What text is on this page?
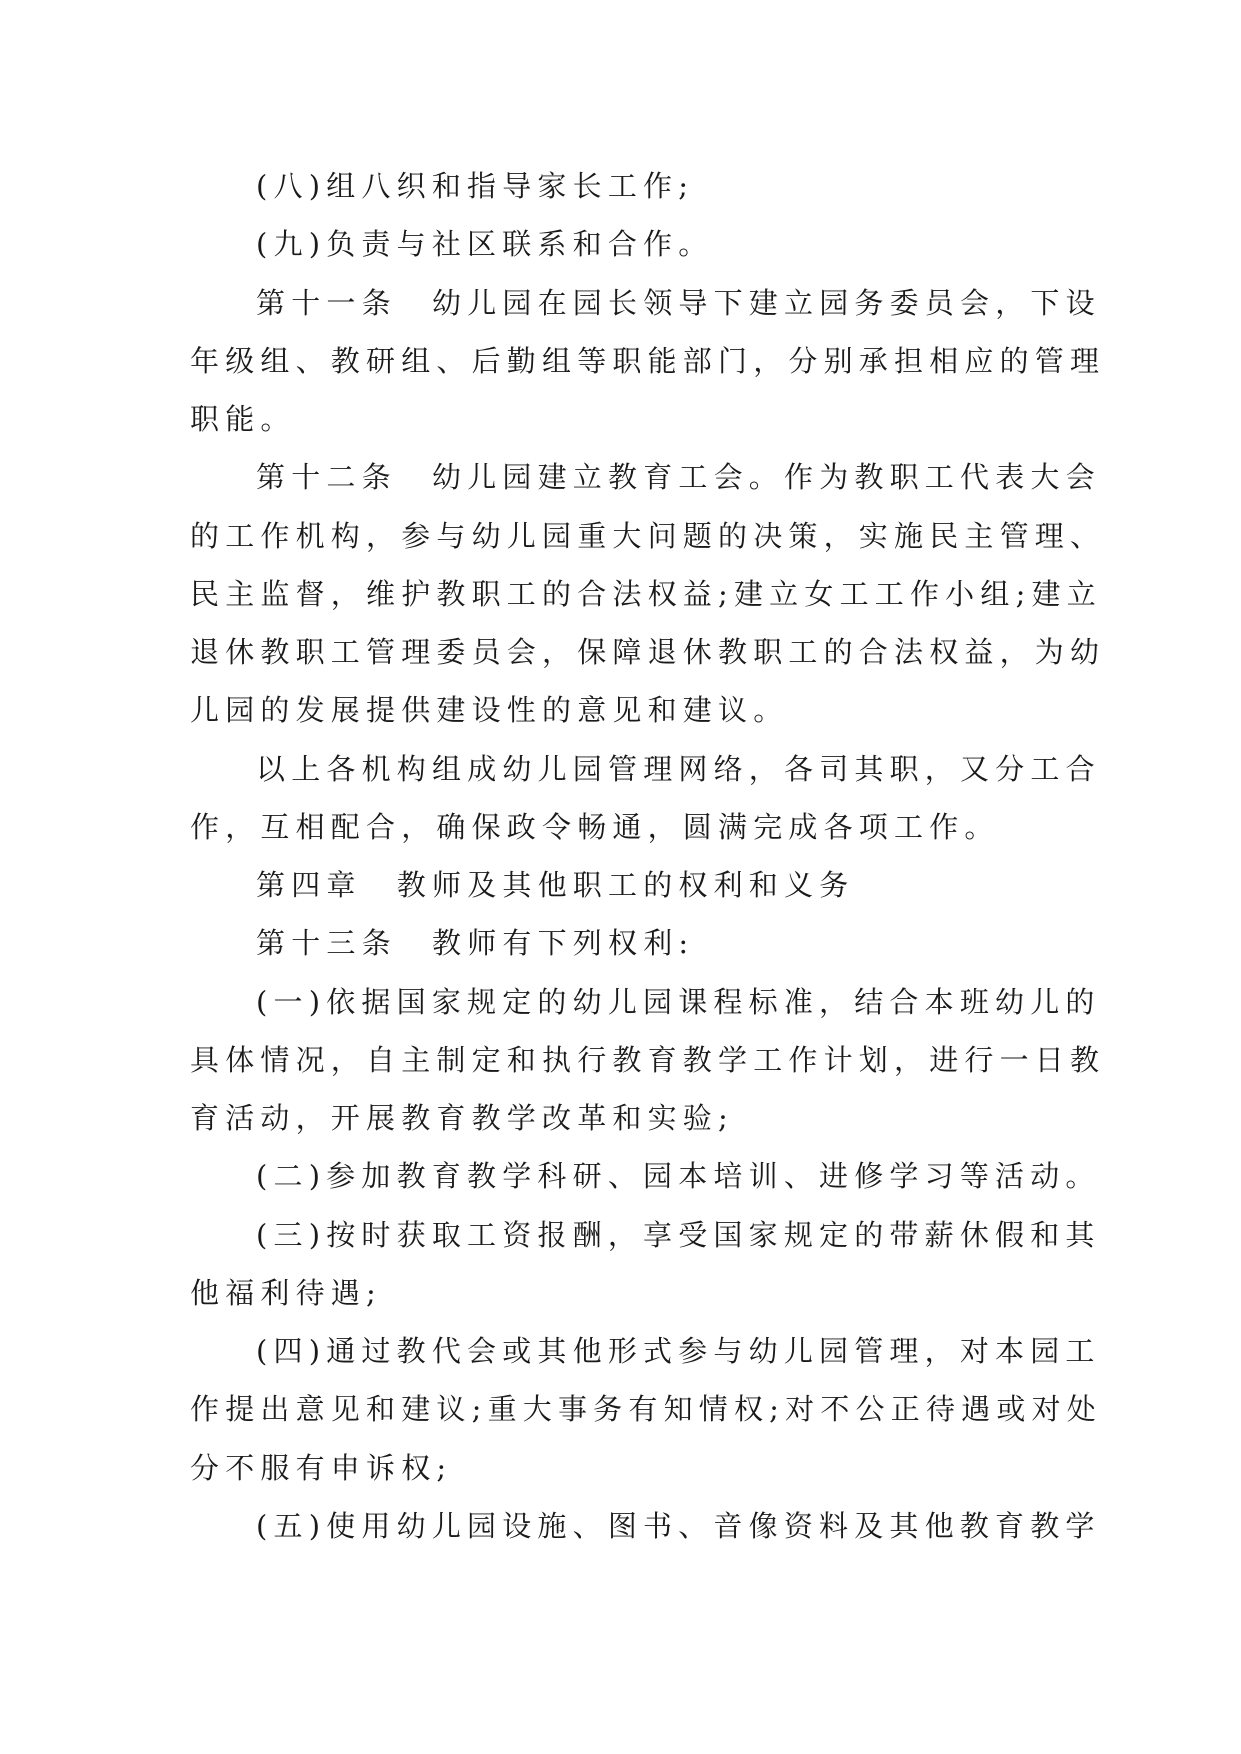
(八)组八织和指导家长工作;
(九)负责与社区联系和合作。
第十一条　幼儿园在园长领导下建立园务委员会，下设
年级组、教研组、后勤组等职能部门，分别承担相应的管理
职能。
第十二条　幼儿园建立教育工会。作为教职工代表大会
的工作机构，参与幼儿园重大问题的决策，实施民主管理、
民主监督，维护教职工的合法权益;建立女工工作小组;建立
退休教职工管理委员会，保障退休教职工的合法权益，为幼
儿园的发展提供建设性的意见和建议。
以上各机构组成幼儿园管理网络，各司其职，又分工合
作，互相配合，确保政令畅通，圆满完成各项工作。
第四章　教师及其他职工的权利和义务
第十三条　教师有下列权利:
(一)依据国家规定的幼儿园课程标准，结合本班幼儿的
具体情况，自主制定和执行教育教学工作计划，进行一日教
育活动，开展教育教学改革和实验;
(二)参加教育教学科研、园本培训、进修学习等活动。
(三)按时获取工资报酬，享受国家规定的带薪休假和其
他福利待遇;
(四)通过教代会或其他形式参与幼儿园管理，对本园工
作提出意见和建议;重大事务有知情权;对不公正待遇或对处
分不服有申诉权;
(五)使用幼儿园设施、图书、音像资料及其他教育教学
